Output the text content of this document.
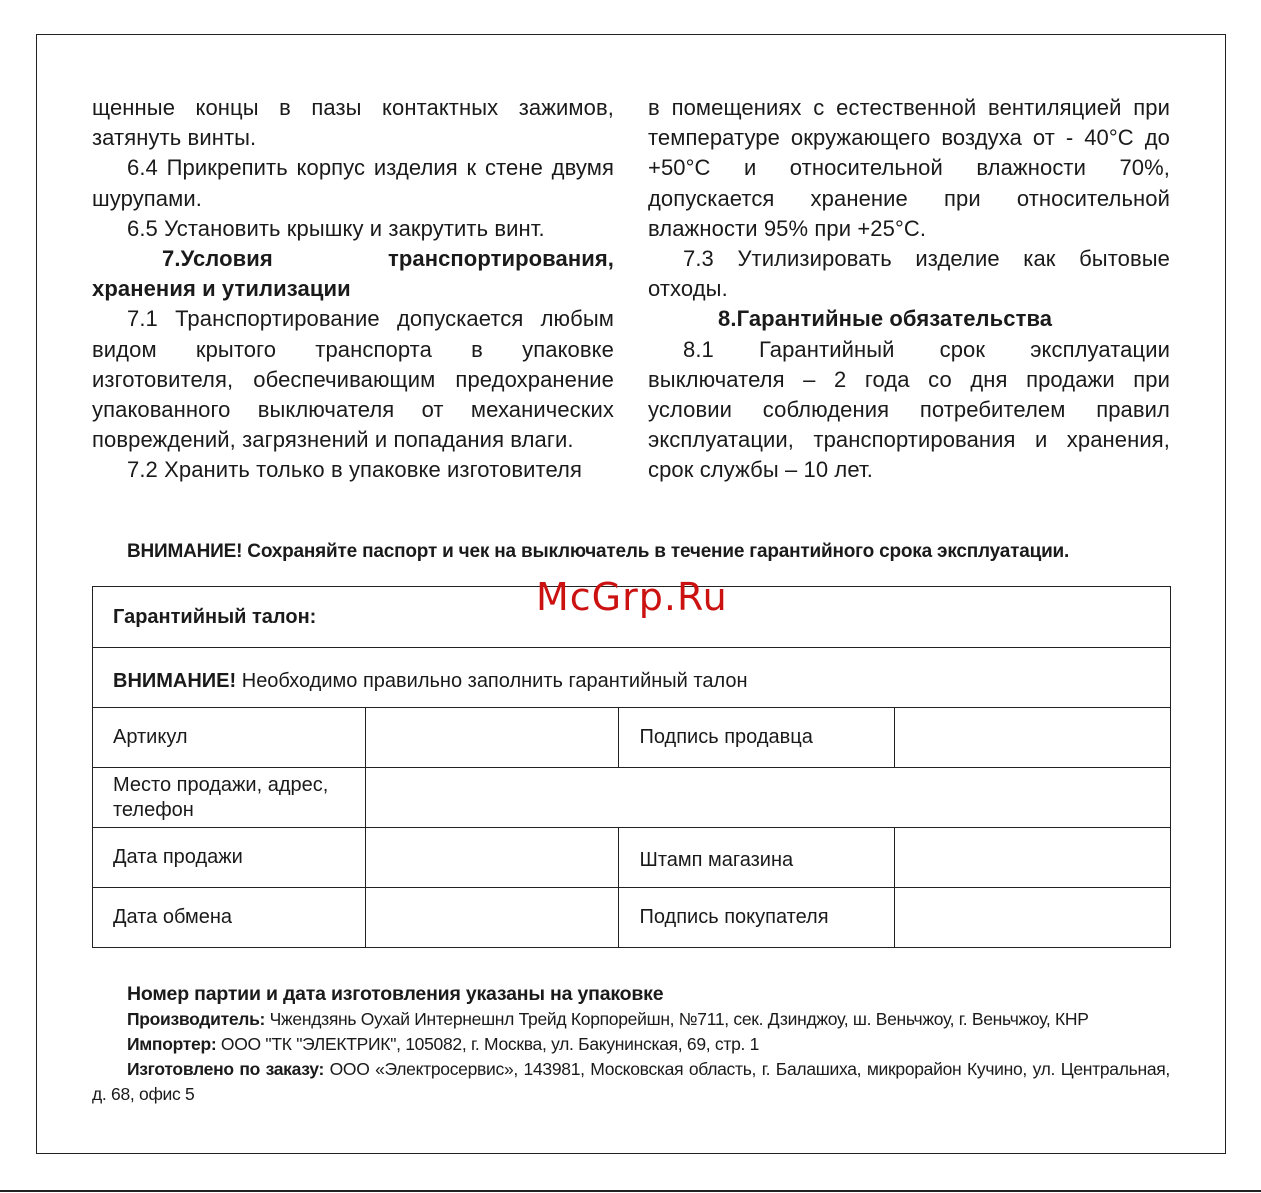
щенные концы в пазы контактных зажимов, затянуть винты.

6.4 Прикрепить корпус изделия к стене двумя шурупами.

6.5 Установить крышку и закрутить винт.

7.Условия транспортирования, хранения и утилизации

7.1 Транспортирование допускается любым видом крытого транспорта в упаковке изготовителя, обеспечивающим предохранение упакованного выключателя от механических повреждений, загрязнений и попадания влаги.

7.2 Хранить только в упаковке изготовителя

в помещениях с естественной вентиляцией при температуре окружающего воздуха от - 40°С до +50°С и относительной влажности 70%, допускается хранение при относительной влажности 95% при +25°С.

7.3 Утилизировать изделие как бытовые отходы.

8.Гарантийные обязательства

8.1 Гарантийный срок эксплуатации выключателя – 2 года со дня продажи при условии соблюдения потребителем правил эксплуатации, транспортирования и хранения, срок службы – 10 лет.

ВНИМАНИЕ! Сохраняйте паспорт и чек на выключатель в течение гарантийного срока эксплуатации.
Гарантийный талон:			
ВНИМАНИЕ! Необходимо правильно заполнить гарантийный талон			
Артикул		Подпись продавца	
Место продажи, адрес, телефон			
Дата продажи		Штамп магазина	
Дата обмена		Подпись покупателя	
McGrp.Ru

Номер партии и дата изготовления указаны на упаковке

Производитель: Чжендзянь Оухай Интернешнл Трейд Корпорейшн, №711, сек. Дзинджоу, ш. Веньчжоу, г. Веньчжоу, КНР

Импортер: ООО "ТК "ЭЛЕКТРИК", 105082, г. Москва, ул. Бакунинская, 69, стр. 1

Изготовлено по заказу: ООО «Электросервис», 143981, Московская область, г. Балашиха, микрорайон Кучино, ул. Центральная, д. 68, офис 5
